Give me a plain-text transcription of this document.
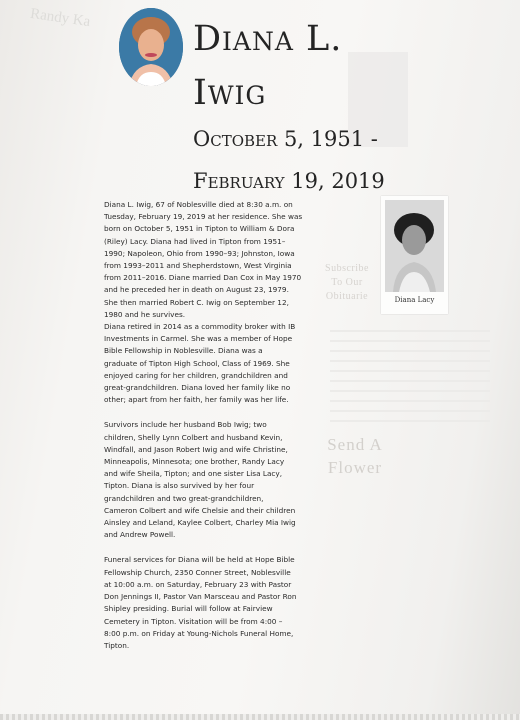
Randy Ka
Subscribe
To Our
Obituarie
Send A
Flower
Diana L.
Iwig
October 5, 1951 -
February 19, 2019

Diana L. Iwig, 67 of Noblesville died at 8:30 a.m. on

Tuesday, February 19, 2019 at her residence. She was

born on October 5, 1951 in Tipton to William & Dora

(Riley) Lacy. Diana had lived in Tipton from 1951–

1990; Napoleon, Ohio from 1990–93; Johnston, Iowa

from 1993–2011 and Shepherdstown, West Virginia

from 2011–2016. Diane married Dan Cox in May 1970

and he preceded her in death on August 23, 1979.

She then married Robert C. Iwig on September 12,

1980 and he survives.

Diana retired in 2014 as a commodity broker with IB

Investments in Carmel. She was a member of Hope

Bible Fellowship in Noblesville. Diana was a

graduate of Tipton High School, Class of 1969. She

enjoyed caring for her children, grandchildren and

great-grandchildren. Diana loved her family like no

other; apart from her faith, her family was her life.

Survivors include her husband Bob Iwig; two

children, Shelly Lynn Colbert and husband Kevin,

Windfall, and Jason Robert Iwig and wife Christine,

Minneapolis, Minnesota; one brother, Randy Lacy

and wife Sheila, Tipton; and one sister Lisa Lacy,

Tipton. Diana is also survived by her four

grandchildren and two great-grandchildren,

Cameron Colbert and wife Chelsie and their children

Ainsley and Leland, Kaylee Colbert, Charley Mia Iwig

and Andrew Powell.

Funeral services for Diana will be held at Hope Bible

Fellowship Church, 2350 Conner Street, Noblesville

at 10:00 a.m. on Saturday, February 23 with Pastor

Don Jennings II, Pastor Van Marsceau and Pastor Ron

Shipley presiding. Burial will follow at Fairview

Cemetery in Tipton. Visitation will be from 4:00 –

8:00 p.m. on Friday at Young-Nichols Funeral Home,

Tipton.

Diana Lacy
